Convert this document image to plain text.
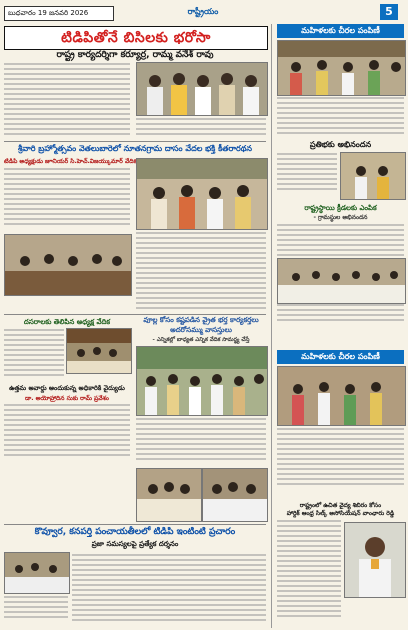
బుధవారం 19 జనవరి 2026	రాష్ట్రీయం	5
టిడిపితోనే బిసిలకు భరోసా
రాష్ట్ర కార్యదర్శిగా కర్యూర్ర, రామ్మ వనేశ్ రావు
శ్రీవారి బ్రహ్మోత్సవం వెతలుబారెలో నూతనగ్రామ దాసం వేదల భక్తి కీతరారథన
టిడిపి అధ్యక్షుడు జూనియర్ సి.హెచ్.విజయ్కుమార్ వేదిక
దసరాలకు తెలిపిన అధ్యక్ష వేదిక
ఉత్తమ అవార్డు అందుకున్న అధికారికి వైద్యుడు
డా. అయోహ్రాదిన సుకు రామ్ ప్రవేశం
వూల్ల కోసం కష్టపడిన వ్రైత భర్త కార్యకర్తలు
అదరోసమ్ము వాసస్తులు
- ఎన్నికల్లో బాధ్యత ఎన్నిక వేదిక సామర్థ్య చేస్తే
కొవ్వూర, కనపర్తి పంచాయతీలలో టిడిపి ఇంటింటి ప్రచారం
ప్రజా సమస్యలపై ప్రత్యేక దర్శనం
మహిళలకు చీరల పంపిణీ
ప్రతిభకు అభినందన
రాష్ట్రస్థాయి క్రీడలకు ఎంపిక
- గ్రామస్థుల అభినందన
మహిళలకు చీరల పంపిణీ
రాష్ట్రంలో ఉచిత వైద్య శిబిరం కోసం
హార్దిక్ ఆంధ్ర సిల్క్ అసోసియేషన్ వాంఛారు రెడ్డి
